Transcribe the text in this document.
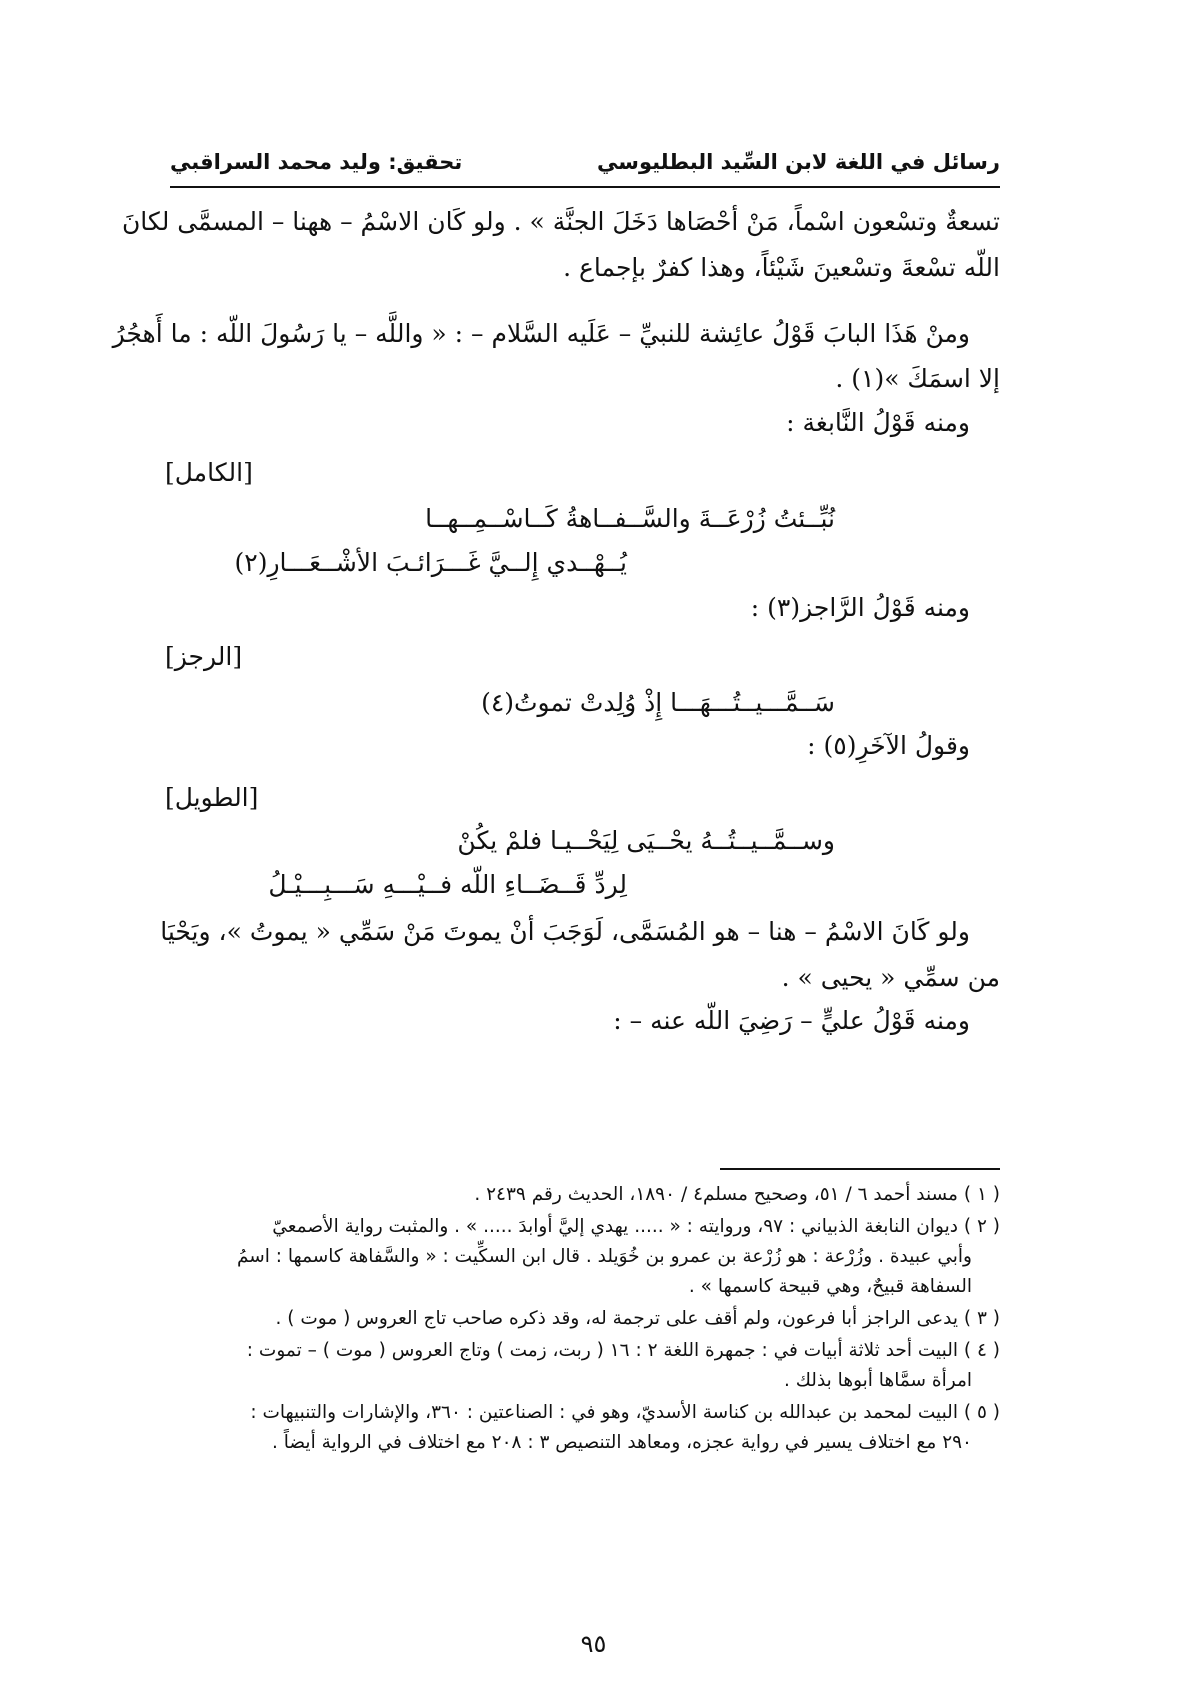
رسائل في اللغة لابن السِّيد البطليوسي
تحقيق: وليد محمد السراقبي
تسعةٌ وتسْعون اسْماً، مَنْ أحْصَاها دَخَلَ الجنَّة » . ولو كَان الاسْمُ – ههنا – المسمَّى لكانَ
اللّه تسْعةَ وتسْعينَ شَيْئاً، وهذا كفرٌ بإجماع .
ومنْ هَذَا البابَ قَوْلُ عائِشة للنبيِّ – عَلَيه السَّلام – : « واللَّه – يا رَسُولَ اللّه : ما أَهجُرُ
إلا اسمَكَ »(١) .
ومنه قَوْلُ النَّابغة :
[الكامل]
نُبِّــئتُ زُرْعَــةَ والسَّــفــاهةُ كَــاسْــمِــهــا
يُــهْــدي إِلــيَّ غَـــرَائـبَ الأشْــعَـــارِ(٢)
ومنه قَوْلُ الرَّاجز(٣) :
[الرجز]
سَــمَّـــيــتُـــهَـــا إِذْ وُلِدتْ تموتُ(٤)
وقولُ الآخَرِ(٥) :
[الطويل]
وســمَّــيــتُــهُ يحْــيَى لِيَحْــيـا فلمْ يكُنْ
لِردِّ قَــضَــاءِ اللّه فــيْـــهِ سَـــبِـــيْـلُ
ولو كَانَ الاسْمُ – هنا – هو المُسَمَّى، لَوَجَبَ أنْ يموتَ مَنْ سَمِّي « يموتُ »، ويَحْيَا
من سمِّي « يحيى » .
ومنه قَوْلُ عليٍّ – رَضِيَ اللّه عنه – :
( ١ ) مسند أحمد ٦ / ٥١، وصحيح مسلم٤ / ١٨٩٠، الحديث رقم ٢٤٣٩ .
( ٢ ) ديوان النابغة الذبياني : ٩٧، وروايته : « ..... يهدي إليَّ أوابدَ ..... » . والمثبت رواية الأصمعيّ
وأبي عبيدة . وزُرْعة : هو زُرْعة بن عمرو بن خُوَيلد . قال ابن السكِّيت : « والسَّفاهة كاسمها : اسمُ
السفاهة قبيحٌ، وهي قبيحة كاسمها » .
( ٣ ) يدعى الراجز أبا فرعون، ولم أقف على ترجمة له، وقد ذكره صاحب تاج العروس ( موت ) .
( ٤ ) البيت أحد ثلاثة أبيات في : جمهرة اللغة ٢ : ١٦ ( ربت، زمت ) وتاج العروس ( موت ) – تموت :
امرأة سمَّاها أبوها بذلك .
( ٥ ) البيت لمحمد بن عبدالله بن كناسة الأسديّ، وهو في : الصناعتين : ٣٦٠، والإشارات والتنبيهات :
٢٩٠ مع اختلاف يسير في رواية عجزه، ومعاهد التنصيص ٣ : ٢٠٨ مع اختلاف في الرواية أيضاً .
٩٥
